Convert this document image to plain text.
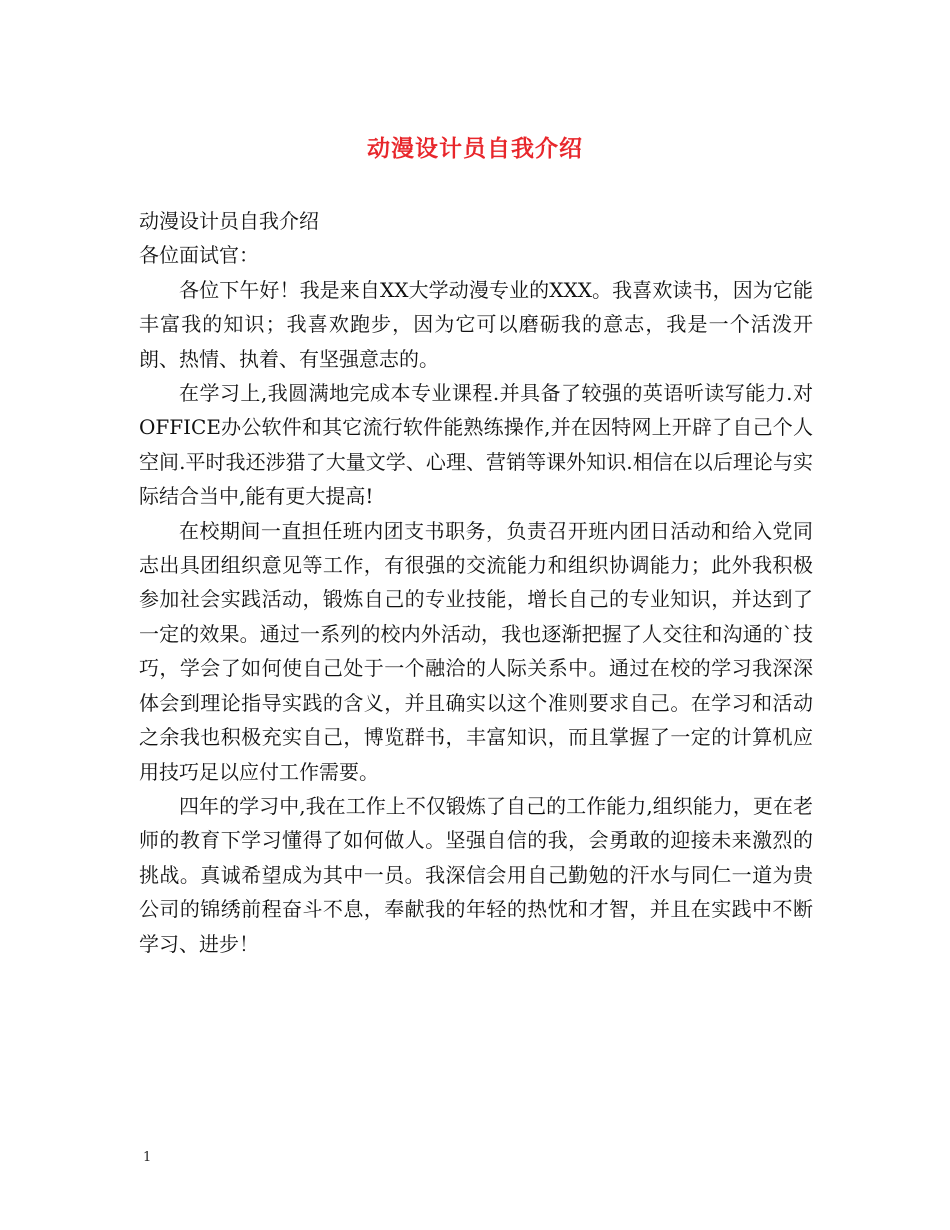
动漫设计员自我介绍

动漫设计员自我介绍

各位面试官：

各位下午好！我是来自XX大学动漫专业的XXX。我喜欢读书，因为它能丰富我的知识；我喜欢跑步，因为它可以磨砺我的意志，我是一个活泼开朗、热情、执着、有坚强意志的。

在学习上,我圆满地完成本专业课程.并具备了较强的英语听读写能力.对OFFICE办公软件和其它流行软件能熟练操作,并在因特网上开辟了自己个人空间.平时我还涉猎了大量文学、心理、营销等课外知识.相信在以后理论与实际结合当中,能有更大提高!

在校期间一直担任班内团支书职务，负责召开班内团日活动和给入党同志出具团组织意见等工作，有很强的交流能力和组织协调能力；此外我积极参加社会实践活动，锻炼自己的专业技能，增长自己的专业知识，并达到了一定的效果。通过一系列的校内外活动，我也逐渐把握了人交往和沟通的`技巧，学会了如何使自己处于一个融洽的人际关系中。通过在校的学习我深深体会到理论指导实践的含义，并且确实以这个准则要求自己。在学习和活动之余我也积极充实自己，博览群书，丰富知识，而且掌握了一定的计算机应用技巧足以应付工作需要。

四年的学习中,我在工作上不仅锻炼了自己的工作能力,组织能力，更在老师的教育下学习懂得了如何做人。坚强自信的我，会勇敢的迎接未来激烈的挑战。真诚希望成为其中一员。我深信会用自己勤勉的汗水与同仁一道为贵公司的锦绣前程奋斗不息，奉献我的年轻的热忱和才智，并且在实践中不断学习、进步！

1
